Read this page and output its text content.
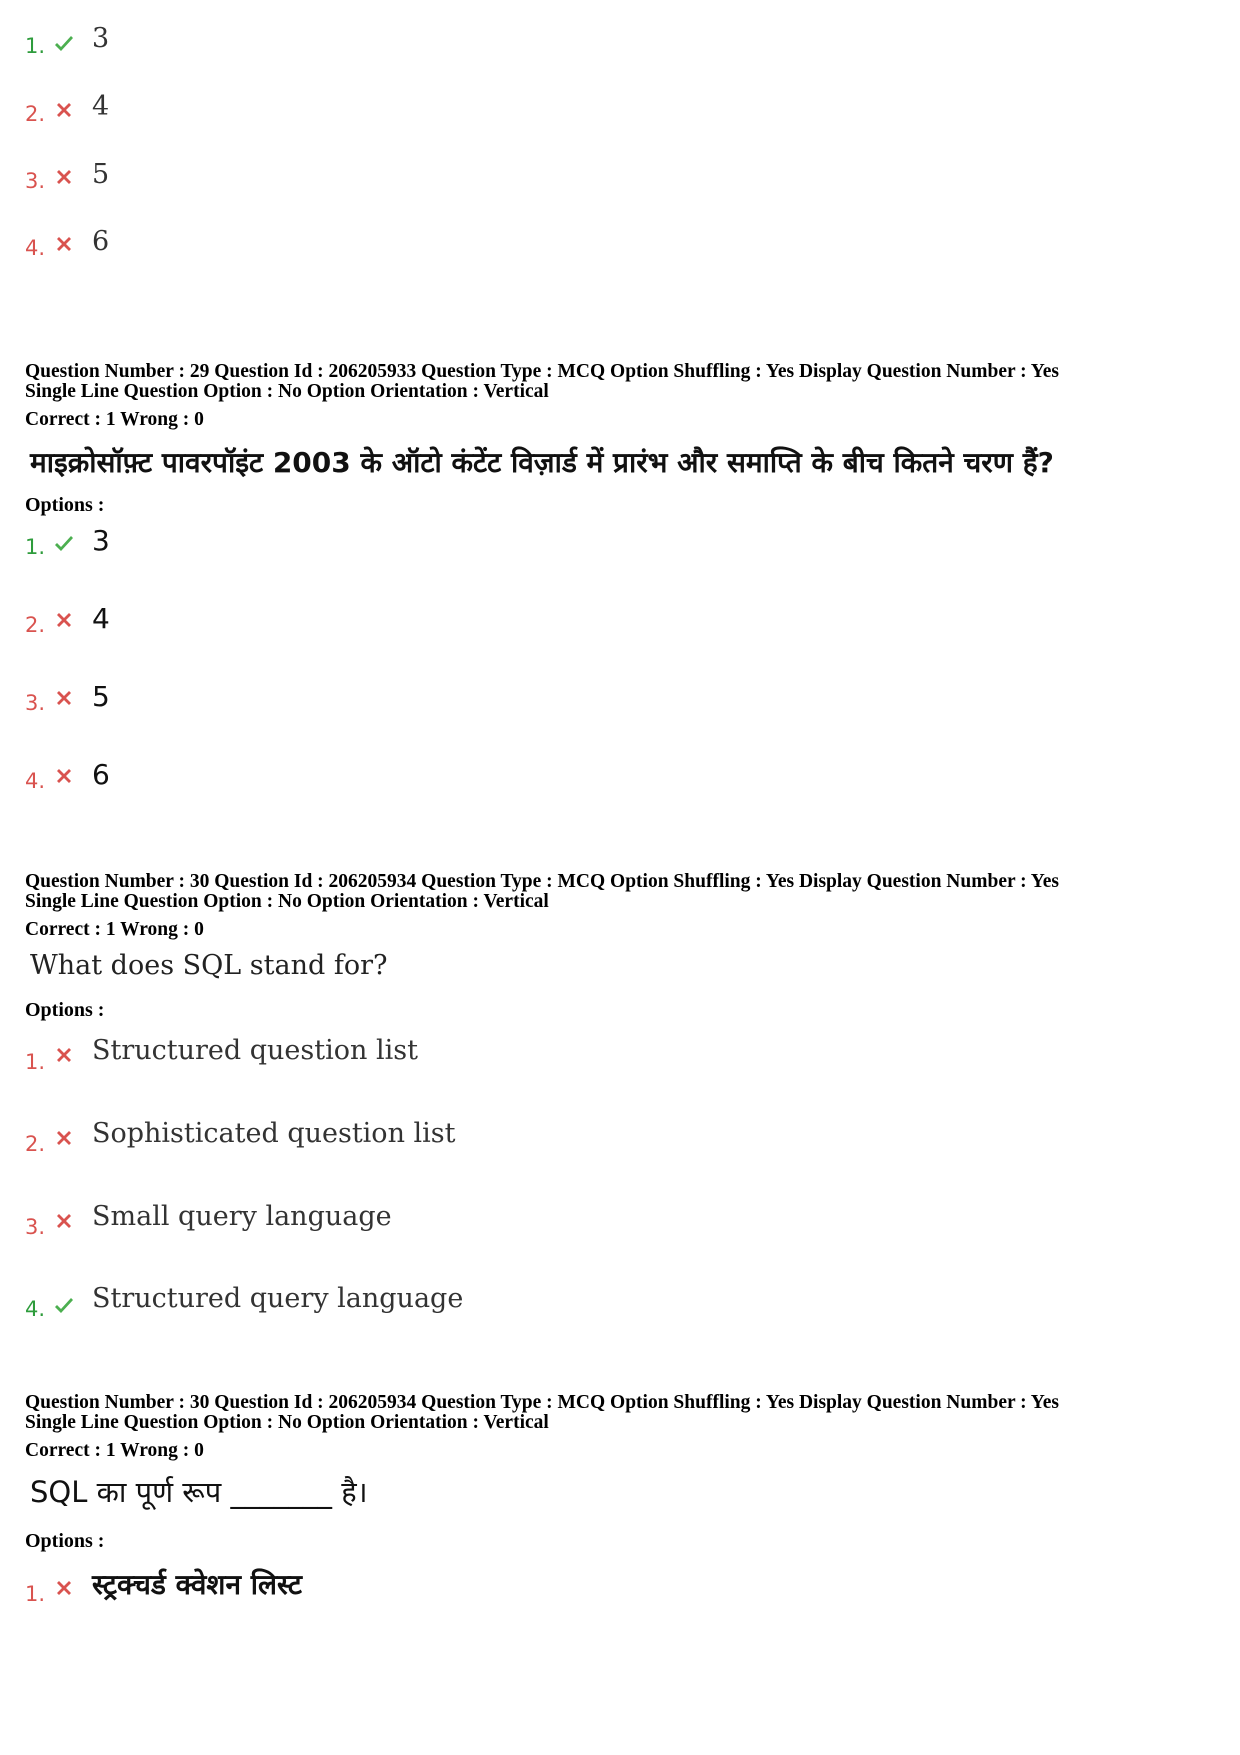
1. 3
2. 4
3. 5
4. 6
Question Number : 29 Question Id : 206205933 Question Type : MCQ Option Shuffling : Yes Display Question Number : Yes
Single Line Question Option : No Option Orientation : Vertical
Correct : 1 Wrong : 0
माइक्रोसॉफ़्ट पावरपॉइंट 2003 के ऑटो कंटेंट विज़ार्ड में प्रारंभ और समाप्ति के बीच कितने चरण हैं?
Options :
1. 3
2. 4
3. 5
4. 6
Question Number : 30 Question Id : 206205934 Question Type : MCQ Option Shuffling : Yes Display Question Number : Yes
Single Line Question Option : No Option Orientation : Vertical
Correct : 1 Wrong : 0
What does SQL stand for?
Options :
1. Structured question list
2. Sophisticated question list
3. Small query language
4. Structured query language
Question Number : 30 Question Id : 206205934 Question Type : MCQ Option Shuffling : Yes Display Question Number : Yes
Single Line Question Option : No Option Orientation : Vertical
Correct : 1 Wrong : 0
SQL का पूर्ण रूप _______ है।
Options :
1. स्ट्रक्चर्ड क्वेशन लिस्ट
